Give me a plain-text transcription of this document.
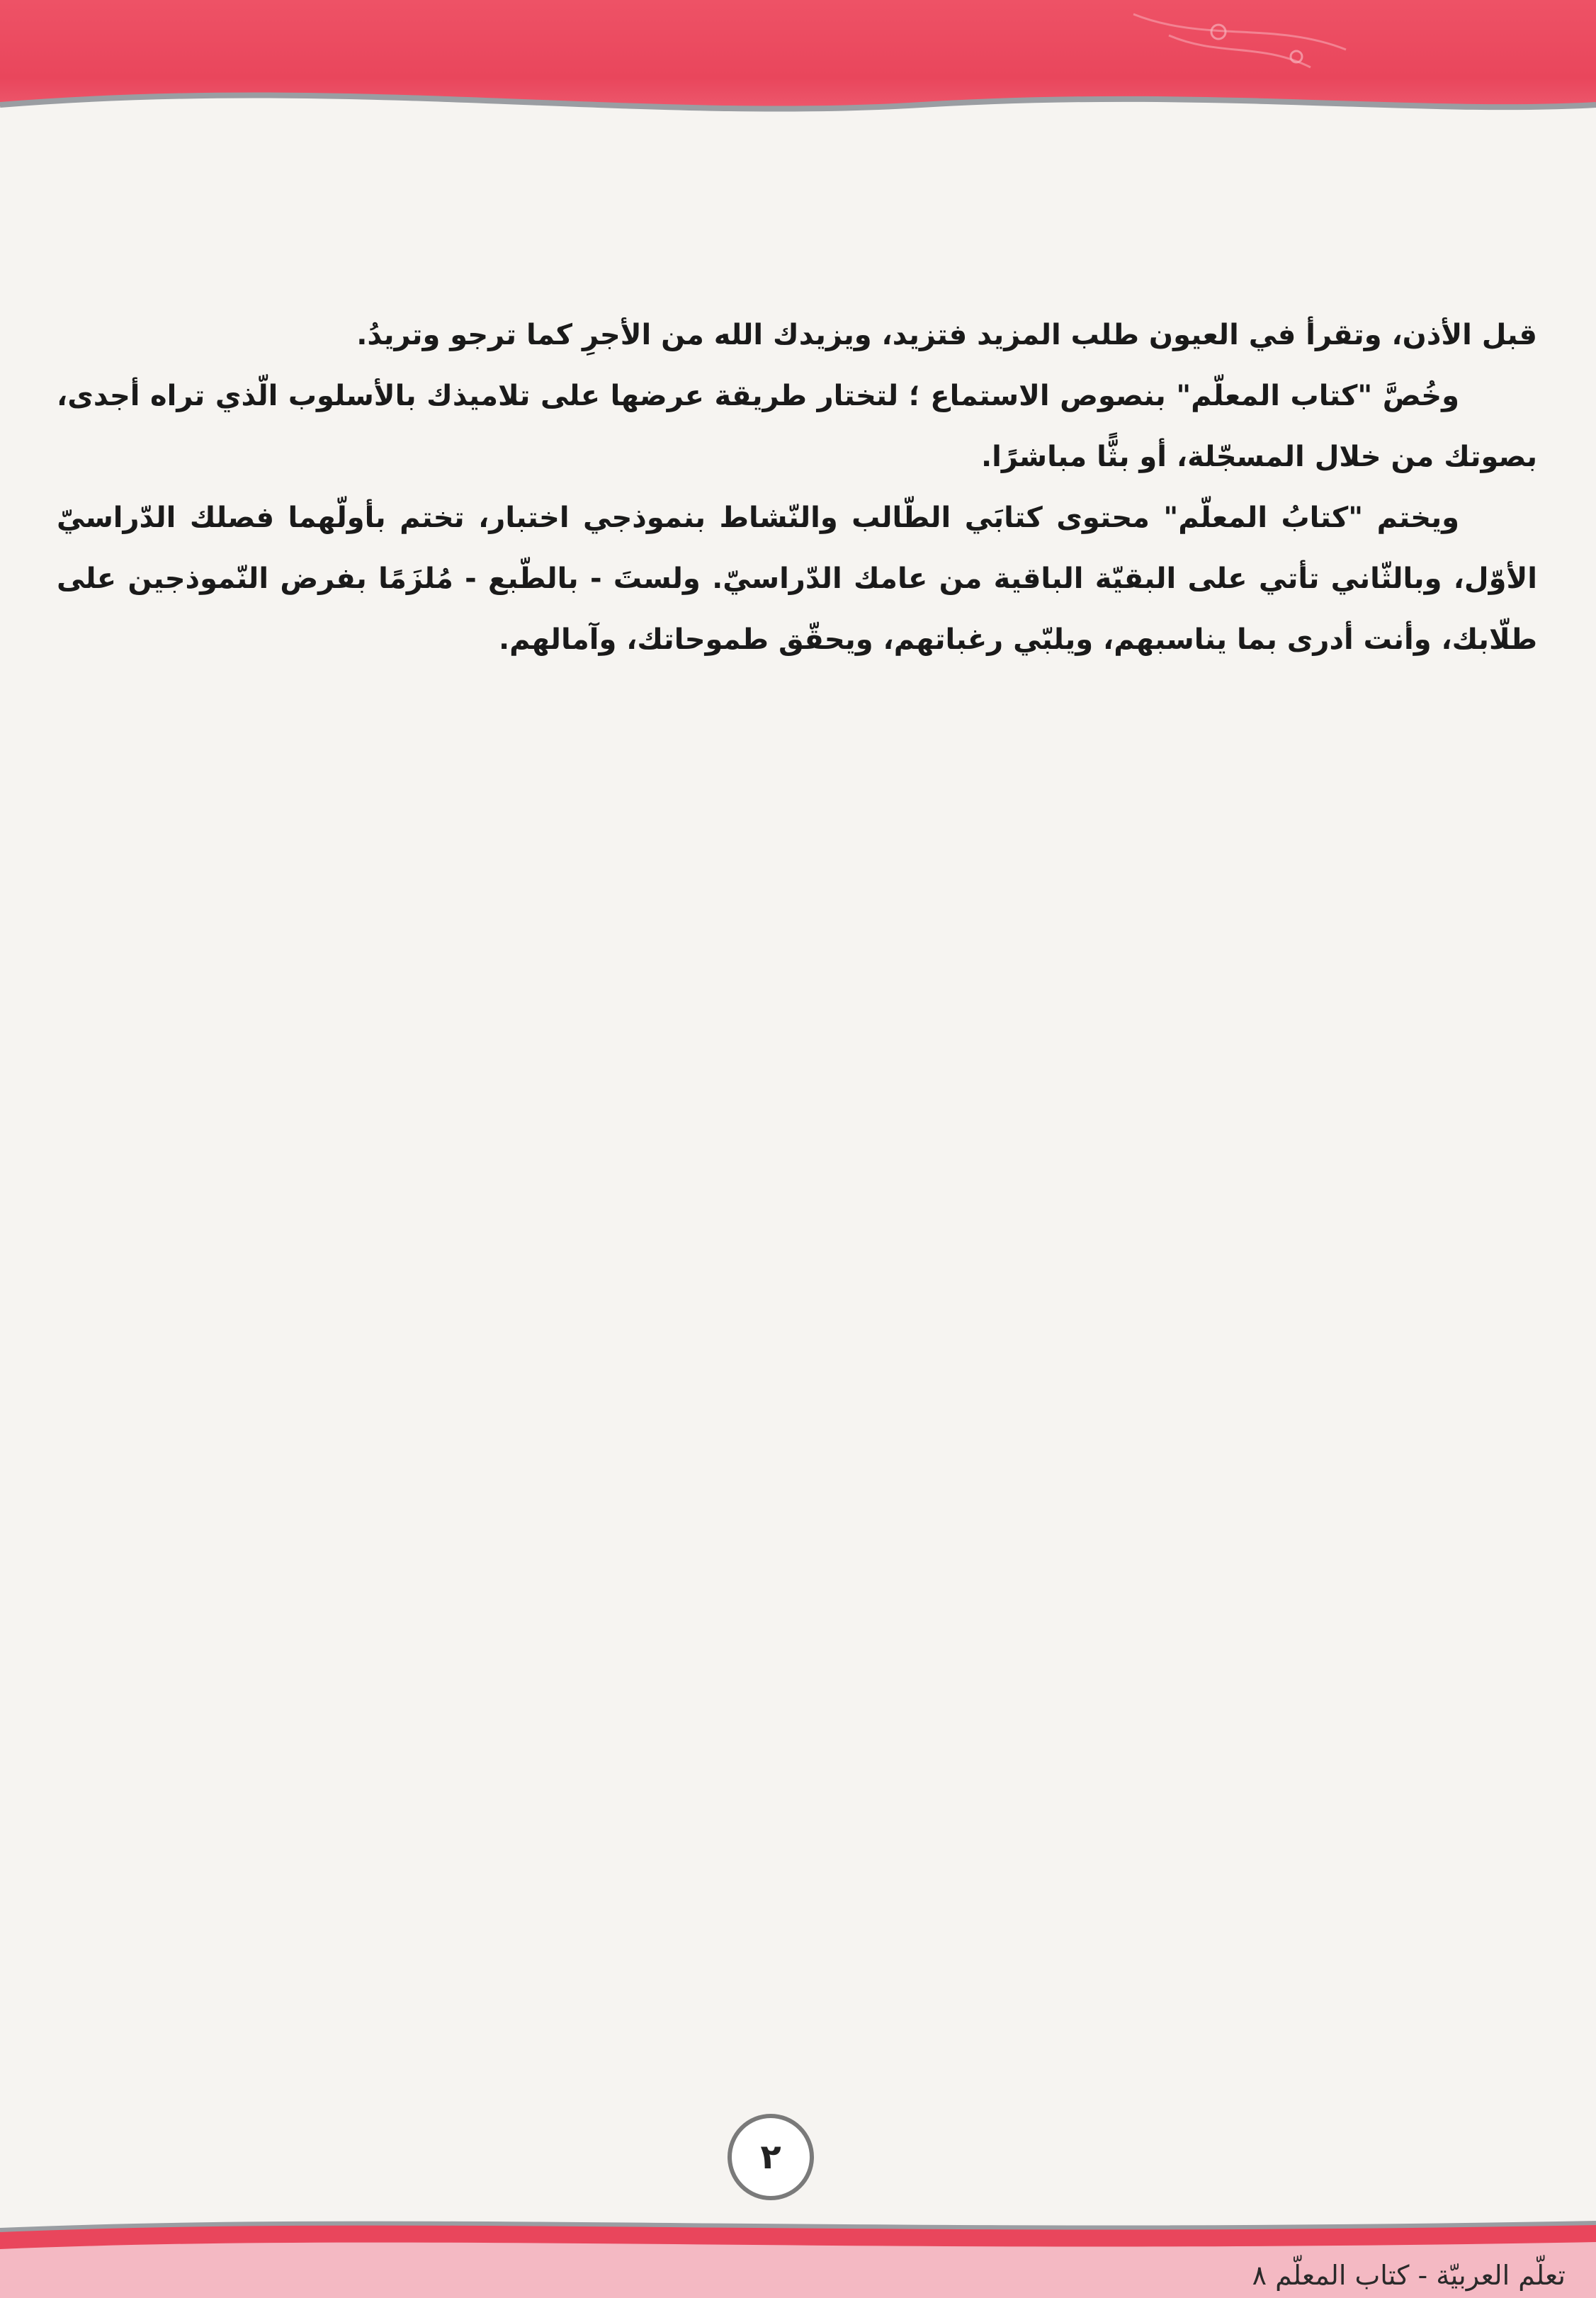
قبل الأذن، وتقرأ في العيون طلب المزيد فتزيد، ويزيدك الله من الأجرِ كما ترجو وتريدُ.

وخُصَّ "كتاب المعلّم" بنصوص الاستماع ؛ لتختار طريقة عرضها على تلاميذك بالأسلوب الّذي تراه أجدى، بصوتك من خلال المسجّلة، أو بثًّا مباشرًا.

ويختم "كتابُ المعلّم" محتوى كتابَي الطّالب والنّشاط بنموذجي اختبار، تختم بأولّهما فصلك الدّراسيّ الأوّل، وبالثّاني تأتي على البقيّة الباقية من عامك الدّراسيّ. ولستَ - بالطّبع - مُلزَمًا بفرض النّموذجين على طلّابك، وأنت أدرى بما يناسبهم، ويلبّي رغباتهم، ويحقّق طموحاتك، وآمالهم.

٢
تعلّم العربيّة - كتاب المعلّم ٨
